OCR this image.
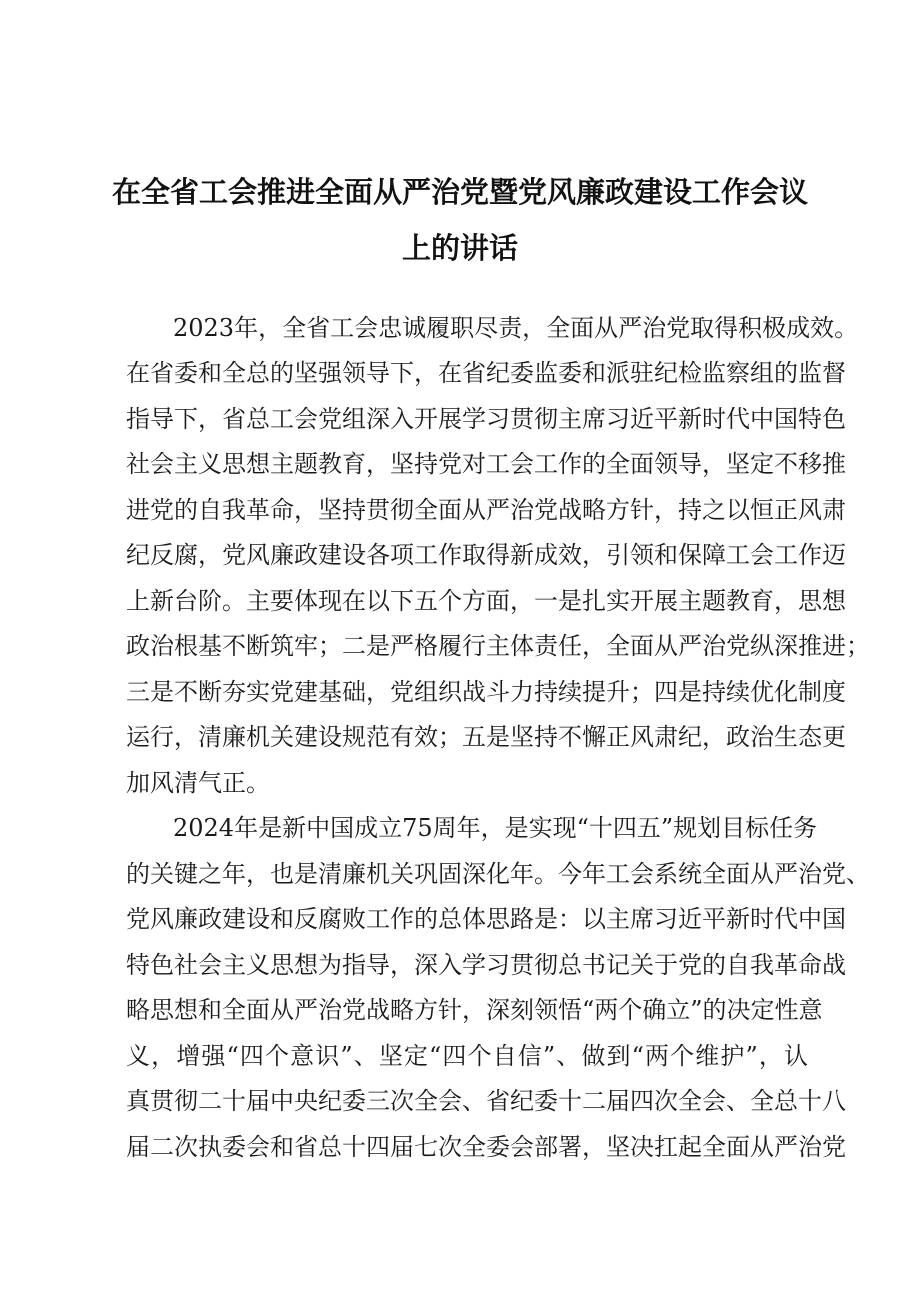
在全省工会推进全面从严治党暨党风廉政建设工作会议
上的讲话
2023年，全省工会忠诚履职尽责，全面从严治党取得积极成效。
在省委和全总的坚强领导下，在省纪委监委和派驻纪检监察组的监督
指导下，省总工会党组深入开展学习贯彻主席习近平新时代中国特色
社会主义思想主题教育，坚持党对工会工作的全面领导，坚定不移推
进党的自我革命，坚持贯彻全面从严治党战略方针，持之以恒正风肃
纪反腐，党风廉政建设各项工作取得新成效，引领和保障工会工作迈
上新台阶。主要体现在以下五个方面，一是扎实开展主题教育，思想
政治根基不断筑牢；二是严格履行主体责任，全面从严治党纵深推进；
三是不断夯实党建基础，党组织战斗力持续提升；四是持续优化制度
运行，清廉机关建设规范有效；五是坚持不懈正风肃纪，政治生态更
加风清气正。
2024年是新中国成立75周年，是实现“十四五”规划目标任务
的关键之年，也是清廉机关巩固深化年。今年工会系统全面从严治党、
党风廉政建设和反腐败工作的总体思路是：以主席习近平新时代中国
特色社会主义思想为指导，深入学习贯彻总书记关于党的自我革命战
略思想和全面从严治党战略方针，深刻领悟“两个确立”的决定性意
义，增强“四个意识”、坚定“四个自信”、做到“两个维护”，认
真贯彻二十届中央纪委三次全会、省纪委十二届四次全会、全总十八
届二次执委会和省总十四届七次全委会部署，坚决扛起全面从严治党
